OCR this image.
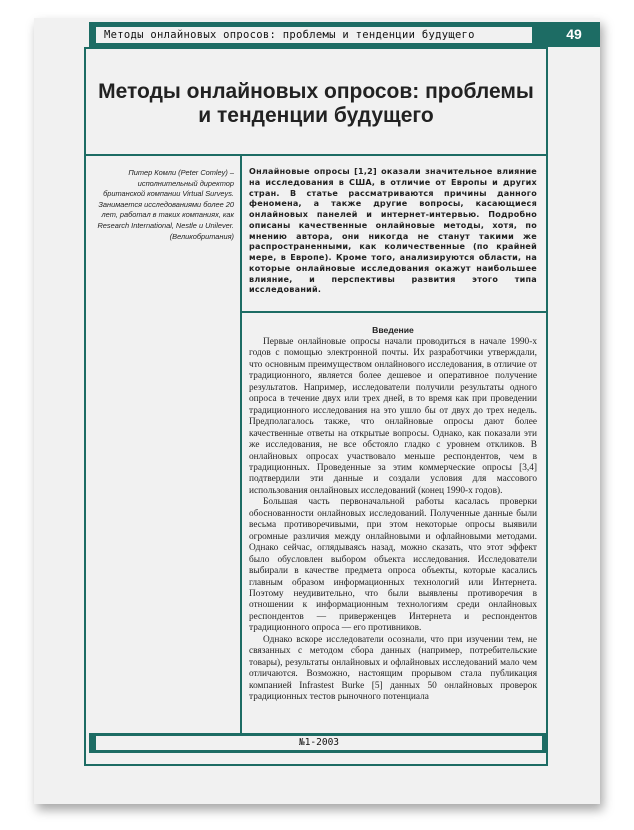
Методы онлайновых опросов: проблемы и тенденции будущего	49
Методы онлайновых опросов: проблемы и тенденции будущего
Питер Комли (Peter Comley) – исполнительный директор британской компании Virtual Surveys. Занимается исследованиями более 20 лет, работал в таких компаниях, как Research International, Nestle и Unilever. (Великобритания)
Онлайновые опросы [1,2] оказали значительное влияние на исследования в США, в отличие от Европы и других стран. В статье рассматриваются причины данного феномена, а также другие вопросы, касающиеся онлайновых панелей и интернет-интервью. Подробно описаны качественные онлайновые методы, хотя, по мнению автора, они никогда не станут такими же распространенными, как количественные (по крайней мере, в Европе). Кроме того, анализируются области, на которые онлайновые исследования окажут наибольшее влияние, и перспективы развития этого типа исследований.
Введение

Первые онлайновые опросы начали проводиться в начале 1990-х годов с помощью электронной почты. Их разработчики утверждали, что основным преимуществом онлайнового исследования, в отличие от традиционного, является более дешевое и оперативное получение результатов. Например, исследователи получили результаты одного опроса в течение двух или трех дней, в то время как при проведении традиционного исследования на это ушло бы от двух до трех недель. Предполагалось также, что онлайновые опросы дают более качественные ответы на открытые вопросы. Однако, как показали эти же исследования, не все обстояло гладко с уровнем откликов. В онлайновых опросах участвовало меньше респондентов, чем в традиционных. Проведенные за этим коммерческие опросы [3,4] подтвердили эти данные и создали условия для массового использования онлайновых исследований (конец 1990-х годов).

Большая часть первоначальной работы касалась проверки обоснованности онлайновых исследований. Полученные данные были весьма противоречивыми, при этом некоторые опросы выявили огромные различия между онлайновыми и офлайновыми методами. Однако сейчас, оглядываясь назад, можно сказать, что этот эффект было обусловлен выбором объекта исследования. Исследователи выбирали в качестве предмета опроса объекты, которые касались главным образом информационных технологий или Интернета. Поэтому неудивительно, что были выявлены противоречия в отношении к информационным технологиям среди онлайновых респондентов — приверженцев Интернета и респондентов традиционного опроса — его противников.

Однако вскоре исследователи осознали, что при изучении тем, не связанных с методом сбора данных (например, потребительские товары), результаты онлайновых и офлайновых исследований мало чем отличаются. Возможно, настоящим прорывом стала публикация компанией Infrastest Burke [5] данных 50 онлайновых проверок традиционных тестов рыночного потенциала

№1-2003
